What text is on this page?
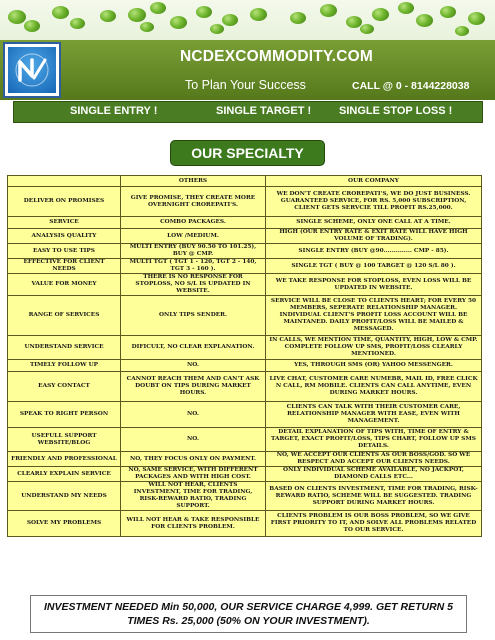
NCDEXCOMMODITY.COM
To Plan Your Success	CALL @ 0 - 8144228038
SINGLE ENTRY !	SINGLE TARGET !	SINGLE STOP LOSS !
OUR SPECIALTY
	OTHERS	OUR COMPANY
DELIVER ON PROMISES	GIVE PROMISE, THEY CREATE MORE OVERNIGHT CROREPATI'S.	WE DON'T CREATE CROREPATI'S, WE DO JUST BUSINESS. GUARANTEED SERVICE, FOR RS. 5,000 SUBSCRIPTION, CLIENT GETS SERVCIE TILL PROFIT RS.25,000.
SERVICE	COMBO PACKAGES.	SINGLE SCHEME, ONLY ONE CALL AT A TIME.
ANALYSIS QUALITY	LOW /MEDIUM.	HIGH (OUR ENTRY RATE & EXIT RATE WILL HAVE HIGH VOLUME OF TRADING).
EASY TO USE TIPS	MULTI ENTRY (BUY 90.50 TO 101.25), BUY @ CMP.	SINGLE ENTRY (BUY @90.............. CMP - 85).
EFFECTIVE FOR CLIENT NEEDS	MULTI TGT ( TGT 1 - 120, TGT 2 - 140, TGT 3 - 160 ).	SINGLE TGT ( BUY @ 100 TARGET @ 120 S/L 80 ).
VALUE FOR MONEY	THERE IS NO RESPONSE FOR STOPLOSS, NO S/L IS UPDATED IN WEBSITE.	WE TAKE RESPONSE FOR STOPLOSS, EVEN LOSS WILL BE UPDATED IN WEBSITE.
RANGE OF SERVICES	ONLY TIPS SENDER.	SERVICE WILL BE CLOSE TO CLIENTS HEART; FOR EVERY 50 MEMBERS, SEPERATE RELATIONSHIP MANAGER. INDIVIDUAL CLIENT'S PROFIT LOSS ACCOUNT WILL BE MAINTANED. DAILY PROFIT/LOSS WILL BE MAILED & MESSAGED.
UNDERSTAND SERVICE	DIFICULT, NO CLEAR EXPLANATION.	IN CALLS, WE MENTION TIME, QUANTITY, HIGH, LOW & CMP. COMPLETE FOLLOW UP SMS, PROFIT/LOSS CLEARLY MENTIONED.
TIMELY FOLLOW UP	NO.	YES, THROUGH SMS (OR) YAHOO MESSENGER.
EASY CONTACT	CANNOT REACH THEM AND CAN'T ASK DOUBT ON TIPS DURING MARKET HOURS.	LIVE CHAT, CUSTOMER CARE NUMEBR, MAIL ID, FREE CLICK N CALL, RM MOBILE. CLIENTS CAN CALL ANYTIME, EVEN DURING MARKET HOURS.
SPEAK TO RIGHT PERSON	NO.	CLIENTS CAN TALK WITH THEIR CUSTOMER CARE, RELATIONSHIP MANAGER WITH EASE, EVEN WITH MANAGEMENT.
USEFULL SUPPORT WEBSITE/BLOG	NO.	DETAIL EXPLANATION OF TIPS WITH, TIME OF ENTRY & TARGET, EXACT PROFIT/LOSS, TIPS CHART, FOLLOW UP SMS DETAILS.
FRIENDLY AND PROFESSIONAL	NO, THEY FOCUS ONLY ON PAYMENT.	NO, WE ACCEPT OUR CLIENTS AS OUR BOSS/GOD. SO WE RESPECT AND ACCEPT OUR CLIENTS NEEDS.
CLEARLY EXPLAIN SERVICE	NO, SAME SERVICE, WITH DIFFERENT PACKAGES AND WITH HIGH COST.	ONLY INDIVIDUAL SCHEME AVAILABLE, NO JACKPOT, DIAMOND CALLS ETC...
UNDERSTAND MY NEEDS	WILL NOT HEAR, CLIENTS INVESTMENT, TIME FOR TRADING, RISK-REWARD RATIO, TRADING SUPPORT.	BASED ON CLIENTS INVESTMENT, TIME FOR TRADING, RISK-REWARD RATIO, SCHEME WILL BE SUGGESTED. TRADING SUPPORT DURING MARKET HOURS.
SOLVE MY PROBLEMS	WILL NOT HEAR & TAKE RESPONSIBLE FOR CLIENTS PROBLEM.	CLIENTS PROBLEM IS OUR BOSS PROBLEM, SO WE GIVE FIRST PRIORITY TO IT, AND SOLVE ALL PROBLEMS RELATED TO OUR SERVICE.
INVESTMENT NEEDED Min 50,000, OUR SERVICE CHARGE 4,999. GET RETURN 5 TIMES Rs. 25,000 (50% ON YOUR INVESTMENT).
